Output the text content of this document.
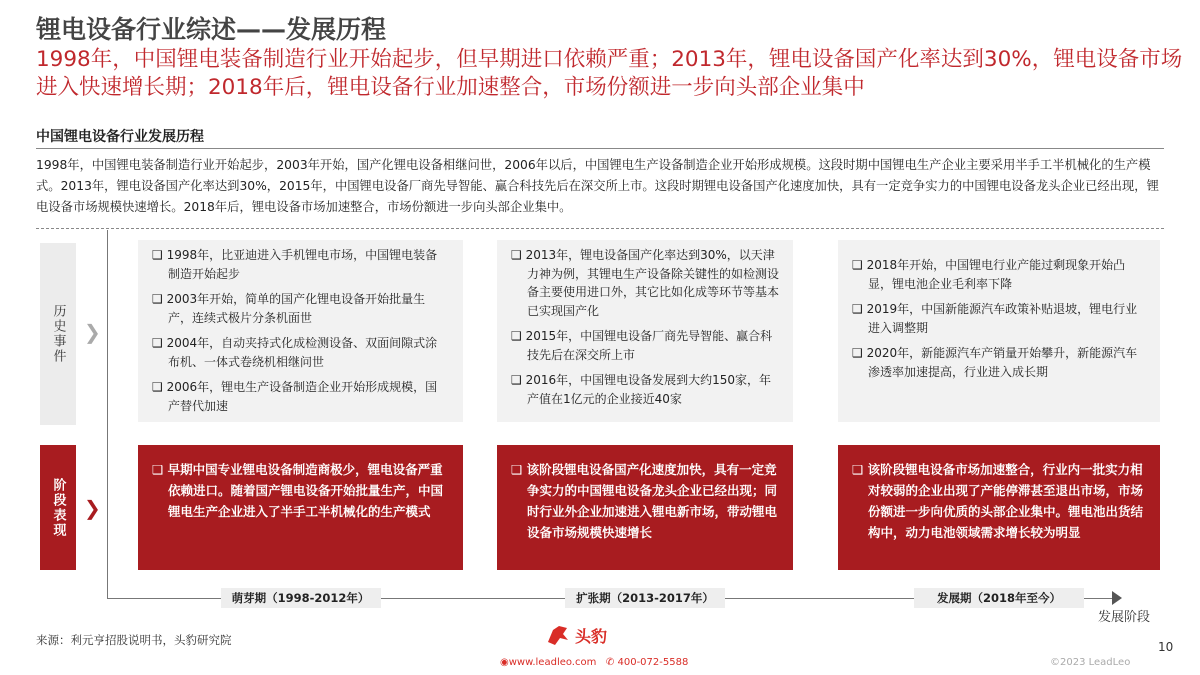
锂电设备行业综述——发展历程
1998年，中国锂电装备制造行业开始起步，但早期进口依赖严重；2013年，锂电设备国产化率达到30%，锂电设备市场进入快速增长期；2018年后，锂电设备行业加速整合，市场份额进一步向头部企业集中
中国锂电设备行业发展历程
1998年，中国锂电装备制造行业开始起步，2003年开始，国产化锂电设备相继问世，2006年以后，中国锂电生产设备制造企业开始形成规模。这段时期中国锂电生产企业主要采用半手工半机械化的生产模式。2013年，锂电设备国产化率达到30%，2015年，中国锂电设备厂商先导智能、赢合科技先后在深交所上市。这段时期锂电设备国产化速度加快，具有一定竞争实力的中国锂电设备龙头企业已经出现，锂电设备市场规模快速增长。2018年后，锂电设备市场加速整合，市场份额进一步向头部企业集中。
历史事件
阶段表现
❯
❯
❑ 1998年，比亚迪进入手机锂电市场，中国锂电装备制造开始起步
❑ 2003年开始，简单的国产化锂电设备开始批量生产，连续式极片分条机面世
❑ 2004年，自动夹持式化成检测设备、双面间隙式涂布机、一体式卷绕机相继问世
❑ 2006年，锂电生产设备制造企业开始形成规模，国产替代加速
❑ 早期中国专业锂电设备制造商极少，锂电设备严重依赖进口。随着国产锂电设备开始批量生产，中国锂电生产企业进入了半手工半机械化的生产模式
萌芽期（1998-2012年）
❑ 2013年，锂电设备国产化率达到30%，以天津力神为例，其锂电生产设备除关键性的如检测设备主要使用进口外，其它比如化成等环节等基本已实现国产化
❑ 2015年，中国锂电设备厂商先导智能、赢合科技先后在深交所上市
❑ 2016年，中国锂电设备发展到大约150家，年产值在1亿元的企业接近40家
❑ 该阶段锂电设备国产化速度加快，具有一定竞争实力的中国锂电设备龙头企业已经出现；同时行业外企业加速进入锂电新市场，带动锂电设备市场规模快速增长
扩张期（2013-2017年）
❑ 2018年开始，中国锂电行业产能过剩现象开始凸显，锂电池企业毛利率下降
❑ 2019年，中国新能源汽车政策补贴退坡，锂电行业进入调整期
❑ 2020年，新能源汽车产销量开始攀升，新能源汽车渗透率加速提高，行业进入成长期
❑ 该阶段锂电设备市场加速整合，行业内一批实力相对较弱的企业出现了产能停滞甚至退出市场，市场份额进一步向优质的头部企业集中。锂电池出货结构中，动力电池领域需求增长较为明显
发展期（2018年至今）
发展阶段
来源：利元亨招股说明书，头豹研究院	头豹
◉www.leadleo.com ✆ 400-072-5588
10
©2023 LeadLeo
